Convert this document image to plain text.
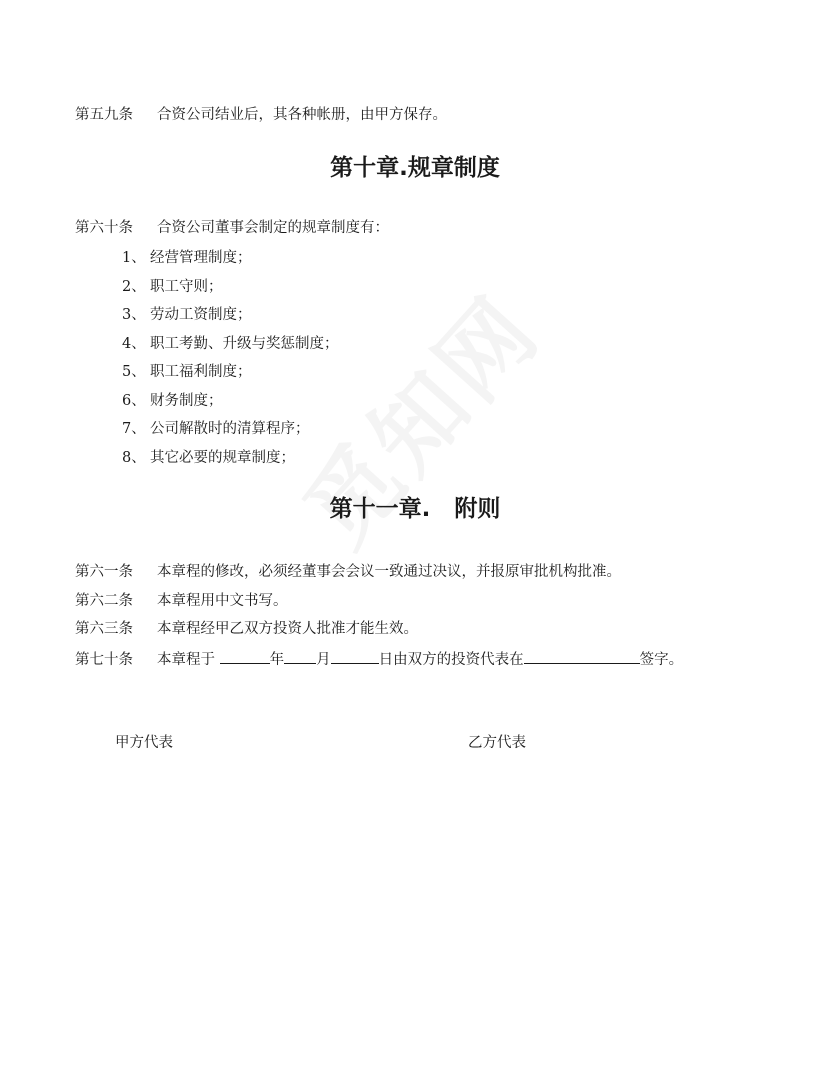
第五九条 合资公司结业后，其各种帐册，由甲方保存。
第十章.规章制度
第六十条 合资公司董事会制定的规章制度有：
1、 经营管理制度；
2、 职工守则；
3、 劳动工资制度；
4、 职工考勤、升级与奖惩制度；
5、 职工福利制度；
6、 财务制度；
7、 公司解散时的清算程序；
8、 其它必要的规章制度；
第十一章.   附则
第六一条 本章程的修改，必须经董事会会议一致通过决议，并报原审批机构批准。
第六二条 本章程用中文书写。
第六三条 本章程经甲乙双方投资人批准才能生效。
第七十条 本章程于	年 月	日由双方的投资代表在	签字。
甲方代表	乙方代表
